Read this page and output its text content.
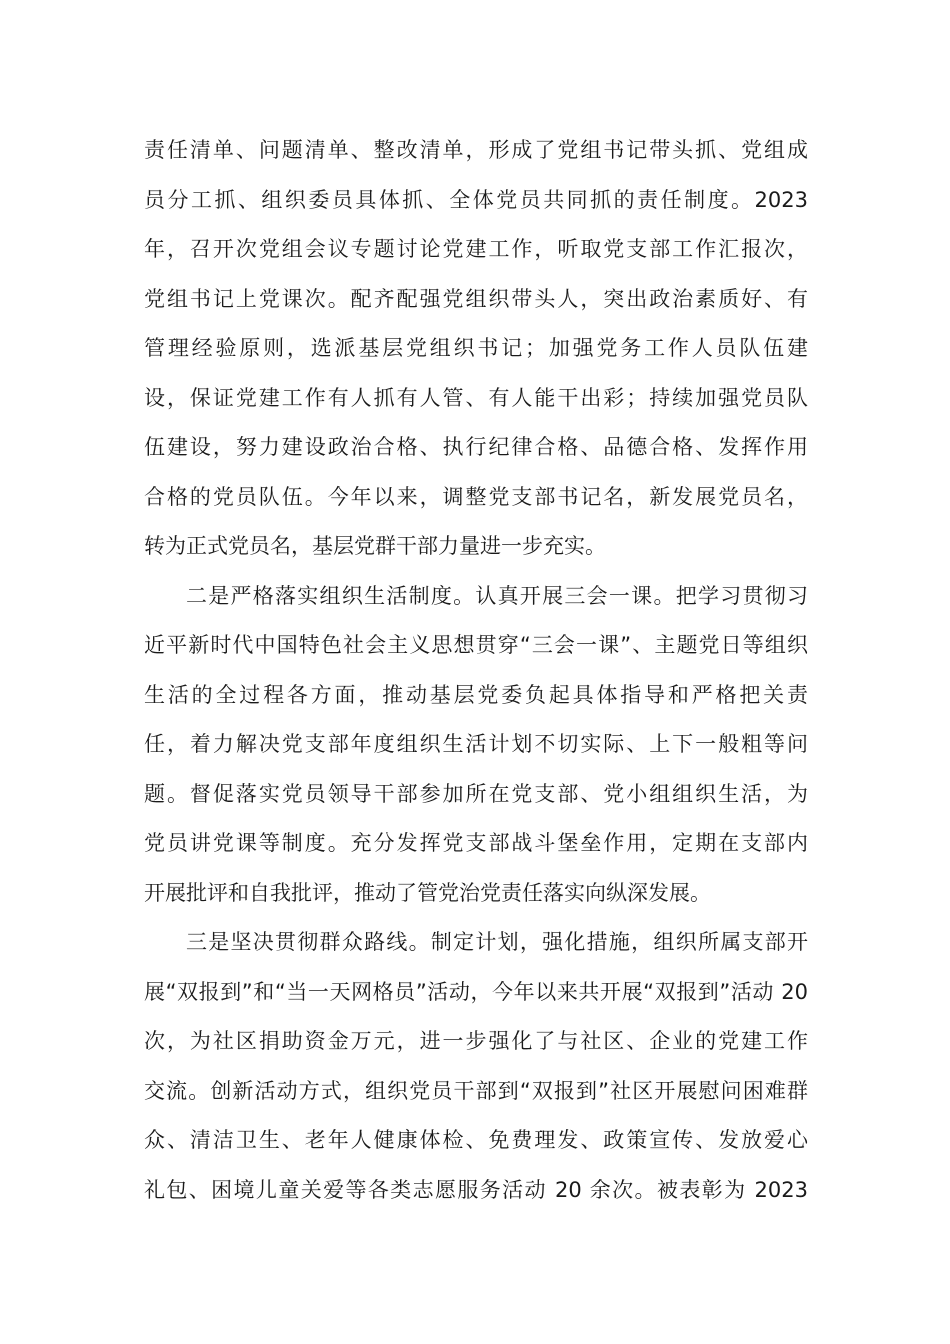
责任清单、问题清单、整改清单，形成了党组书记带头抓、党组成
员分工抓、组织委员具体抓、全体党员共同抓的责任制度。2023
年，召开次党组会议专题讨论党建工作，听取党支部工作汇报次，
党组书记上党课次。配齐配强党组织带头人，突出政治素质好、有
管理经验原则，选派基层党组织书记；加强党务工作人员队伍建
设，保证党建工作有人抓有人管、有人能干出彩；持续加强党员队
伍建设，努力建设政治合格、执行纪律合格、品德合格、发挥作用
合格的党员队伍。今年以来，调整党支部书记名，新发展党员名，
转为正式党员名，基层党群干部力量进一步充实。

二是严格落实组织生活制度。认真开展三会一课。把学习贯彻习
近平新时代中国特色社会主义思想贯穿“三会一课”、主题党日等组织
生活的全过程各方面，推动基层党委负起具体指导和严格把关责
任，着力解决党支部年度组织生活计划不切实际、上下一般粗等问
题。督促落实党员领导干部参加所在党支部、党小组组织生活，为
党员讲党课等制度。充分发挥党支部战斗堡垒作用，定期在支部内
开展批评和自我批评，推动了管党治党责任落实向纵深发展。

三是坚决贯彻群众路线。制定计划，强化措施，组织所属支部开
展“双报到”和“当一天网格员”活动，今年以来共开展“双报到”活动 20
次，为社区捐助资金万元，进一步强化了与社区、企业的党建工作
交流。创新活动方式，组织党员干部到“双报到”社区开展慰问困难群
众、清洁卫生、老年人健康体检、免费理发、政策宣传、发放爱心
礼包、困境儿童关爱等各类志愿服务活动 20 余次。被表彰为 2023
